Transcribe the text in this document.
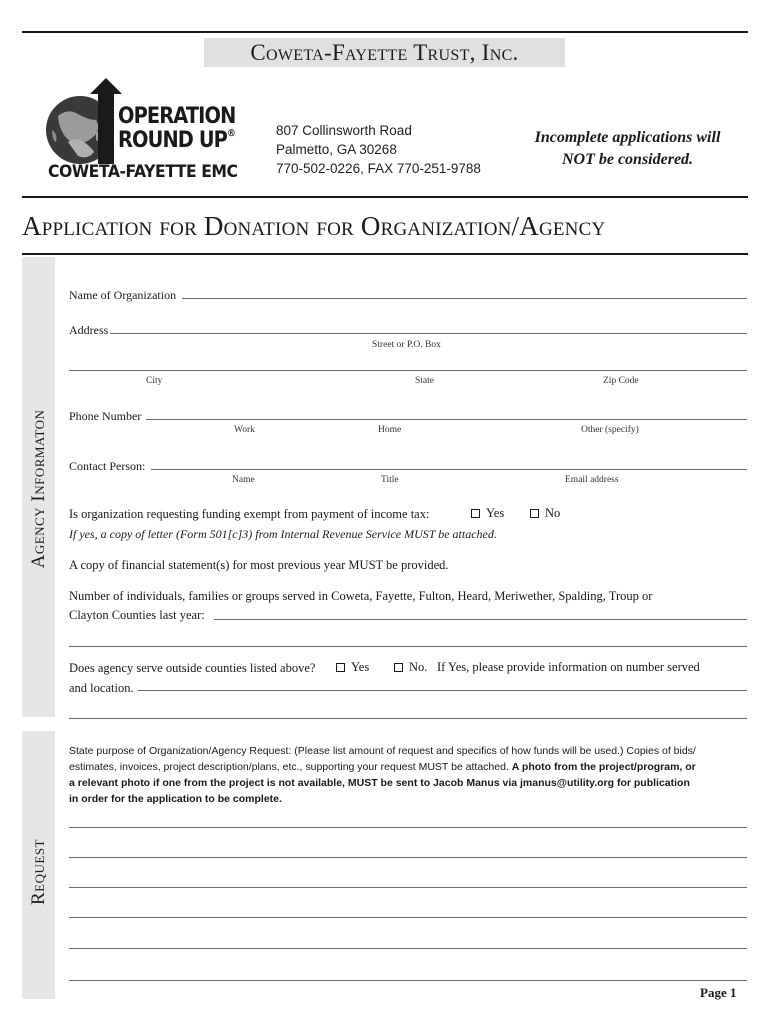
Coweta-Fayette Trust, Inc.
OPERATION
ROUND UP®
COWETA-FAYETTE EMC
807 Collinsworth Road
Palmetto, GA 30268
770-502-0226, FAX 770-251-9788
Incomplete applications will
NOT be considered.
Application for Donation for Organization/Agency
Agency Informaton
Name of Organization
Address
Street or P.O. Box
City	State	Zip Code
Phone Number
Work	Home	Other (specify)
Contact Person:
Name	Title	Email address
Is organization requesting funding exempt from payment of income tax:	Yes	No
If yes, a copy of letter (Form 501[c]3) from Internal Revenue Service MUST be attached.
A copy of financial statement(s) for most previous year MUST be provided.
Number of individuals, families or groups served in Coweta, Fayette, Fulton, Heard, Meriwether, Spalding, Troup or
Clayton Counties last year:
Does agency serve outside counties listed above?	Yes	No. If Yes, please provide information on number served
and location.
Request
State purpose of Organization/Agency Request: (Please list amount of request and specifics of how funds will be used.) Copies of bids/
estimates, invoices, project description/plans, etc., supporting your request MUST be attached. A photo from the project/program, or
a relevant photo if one from the project is not available, MUST be sent to Jacob Manus via jmanus@utility.org for publication
in order for the application to be complete.
Page 1
